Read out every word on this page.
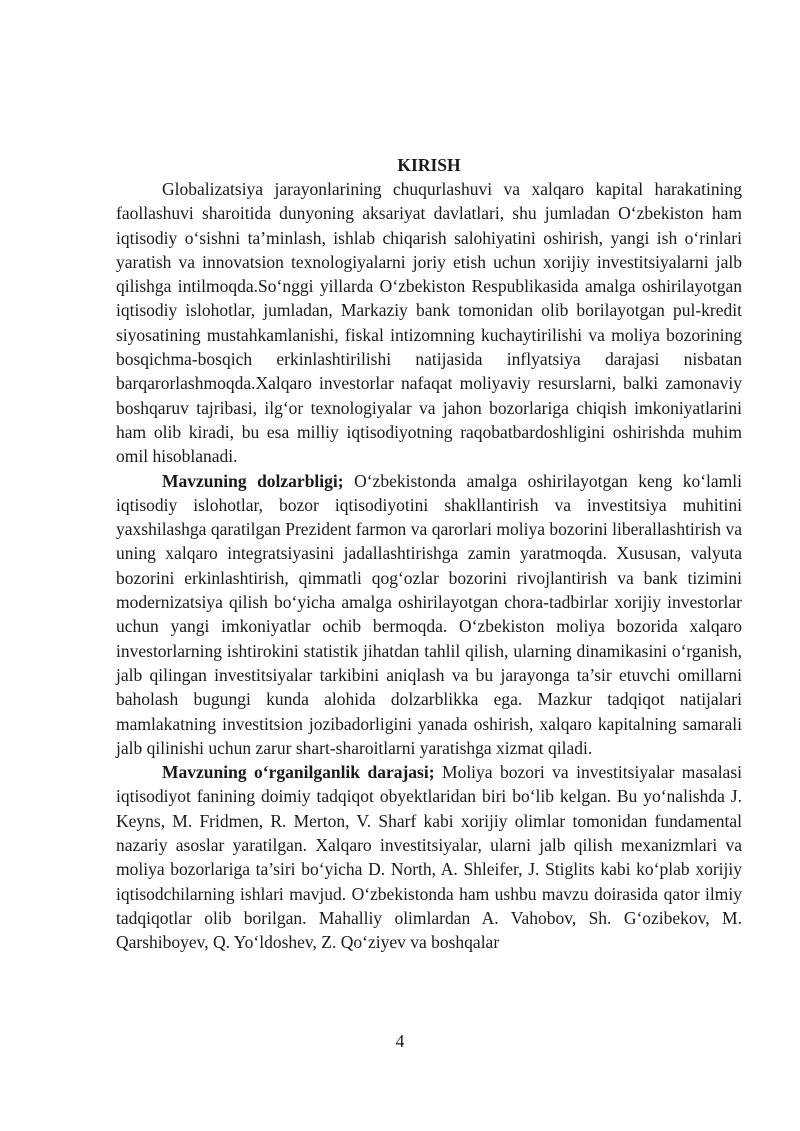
KIRISH

Globalizatsiya jarayonlarining chuqurlashuvi va xalqaro kapital harakatining faollashuvi sharoitida dunyoning aksariyat davlatlari, shu jumladan O‘zbekiston ham iqtisodiy o‘sishni ta’minlash, ishlab chiqarish salohiyatini oshirish, yangi ish o‘rinlari yaratish va innovatsion texnologiyalarni joriy etish uchun xorijiy investitsiyalarni jalb qilishga intilmoqda.So‘nggi yillarda O‘zbekiston Respublikasida amalga oshirilayotgan iqtisodiy islohotlar, jumladan, Markaziy bank tomonidan olib borilayotgan pul-kredit siyosatining mustahkamlanishi, fiskal intizomning kuchaytirilishi va moliya bozorining bosqichma-bosqich erkinlashtirilishi natijasida inflyatsiya darajasi nisbatan barqarorlashmoqda.Xalqaro investorlar nafaqat moliyaviy resurslarni, balki zamonaviy boshqaruv tajribasi, ilg‘or texnologiyalar va jahon bozorlariga chiqish imkoniyatlarini ham olib kiradi, bu esa milliy iqtisodiyotning raqobatbardoshligini oshirishda muhim omil hisoblanadi.

Mavzuning dolzarbligi; O‘zbekistonda amalga oshirilayotgan keng ko‘lamli iqtisodiy islohotlar, bozor iqtisodiyotini shakllantirish va investitsiya muhitini yaxshilashga qaratilgan Prezident farmon va qarorlari moliya bozorini liberallashtirish va uning xalqaro integratsiyasini jadallashtirishga zamin yaratmoqda. Xususan, valyuta bozorini erkinlashtirish, qimmatli qog‘ozlar bozorini rivojlantirish va bank tizimini modernizatsiya qilish bo‘yicha amalga oshirilayotgan chora-tadbirlar xorijiy investorlar uchun yangi imkoniyatlar ochib bermoqda. O‘zbekiston moliya bozorida xalqaro investorlarning ishtirokini statistik jihatdan tahlil qilish, ularning dinamikasini o‘rganish, jalb qilingan investitsiyalar tarkibini aniqlash va bu jarayonga ta’sir etuvchi omillarni baholash bugungi kunda alohida dolzarblikka ega. Mazkur tadqiqot natijalari mamlakatning investitsion jozibadorligini yanada oshirish, xalqaro kapitalning samarali jalb qilinishi uchun zarur shart-sharoitlarni yaratishga xizmat qiladi.

Mavzuning o‘rganilganlik darajasi; Moliya bozori va investitsiyalar masalasi iqtisodiyot fanining doimiy tadqiqot obyektlaridan biri bo‘lib kelgan. Bu yo‘nalishda J. Keyns, M. Fridmen, R. Merton, V. Sharf kabi xorijiy olimlar tomonidan fundamental nazariy asoslar yaratilgan. Xalqaro investitsiyalar, ularni jalb qilish mexanizmlari va moliya bozorlariga ta’siri bo‘yicha D. North, A. Shleifer, J. Stiglits kabi ko‘plab xorijiy iqtisodchilarning ishlari mavjud. O‘zbekistonda ham ushbu mavzu doirasida qator ilmiy tadqiqotlar olib borilgan. Mahalliy olimlardan A. Vahobov, Sh. G‘ozibekov, M. Qarshiboyev, Q. Yo‘ldoshev, Z. Qo‘ziyev va boshqalar

4
